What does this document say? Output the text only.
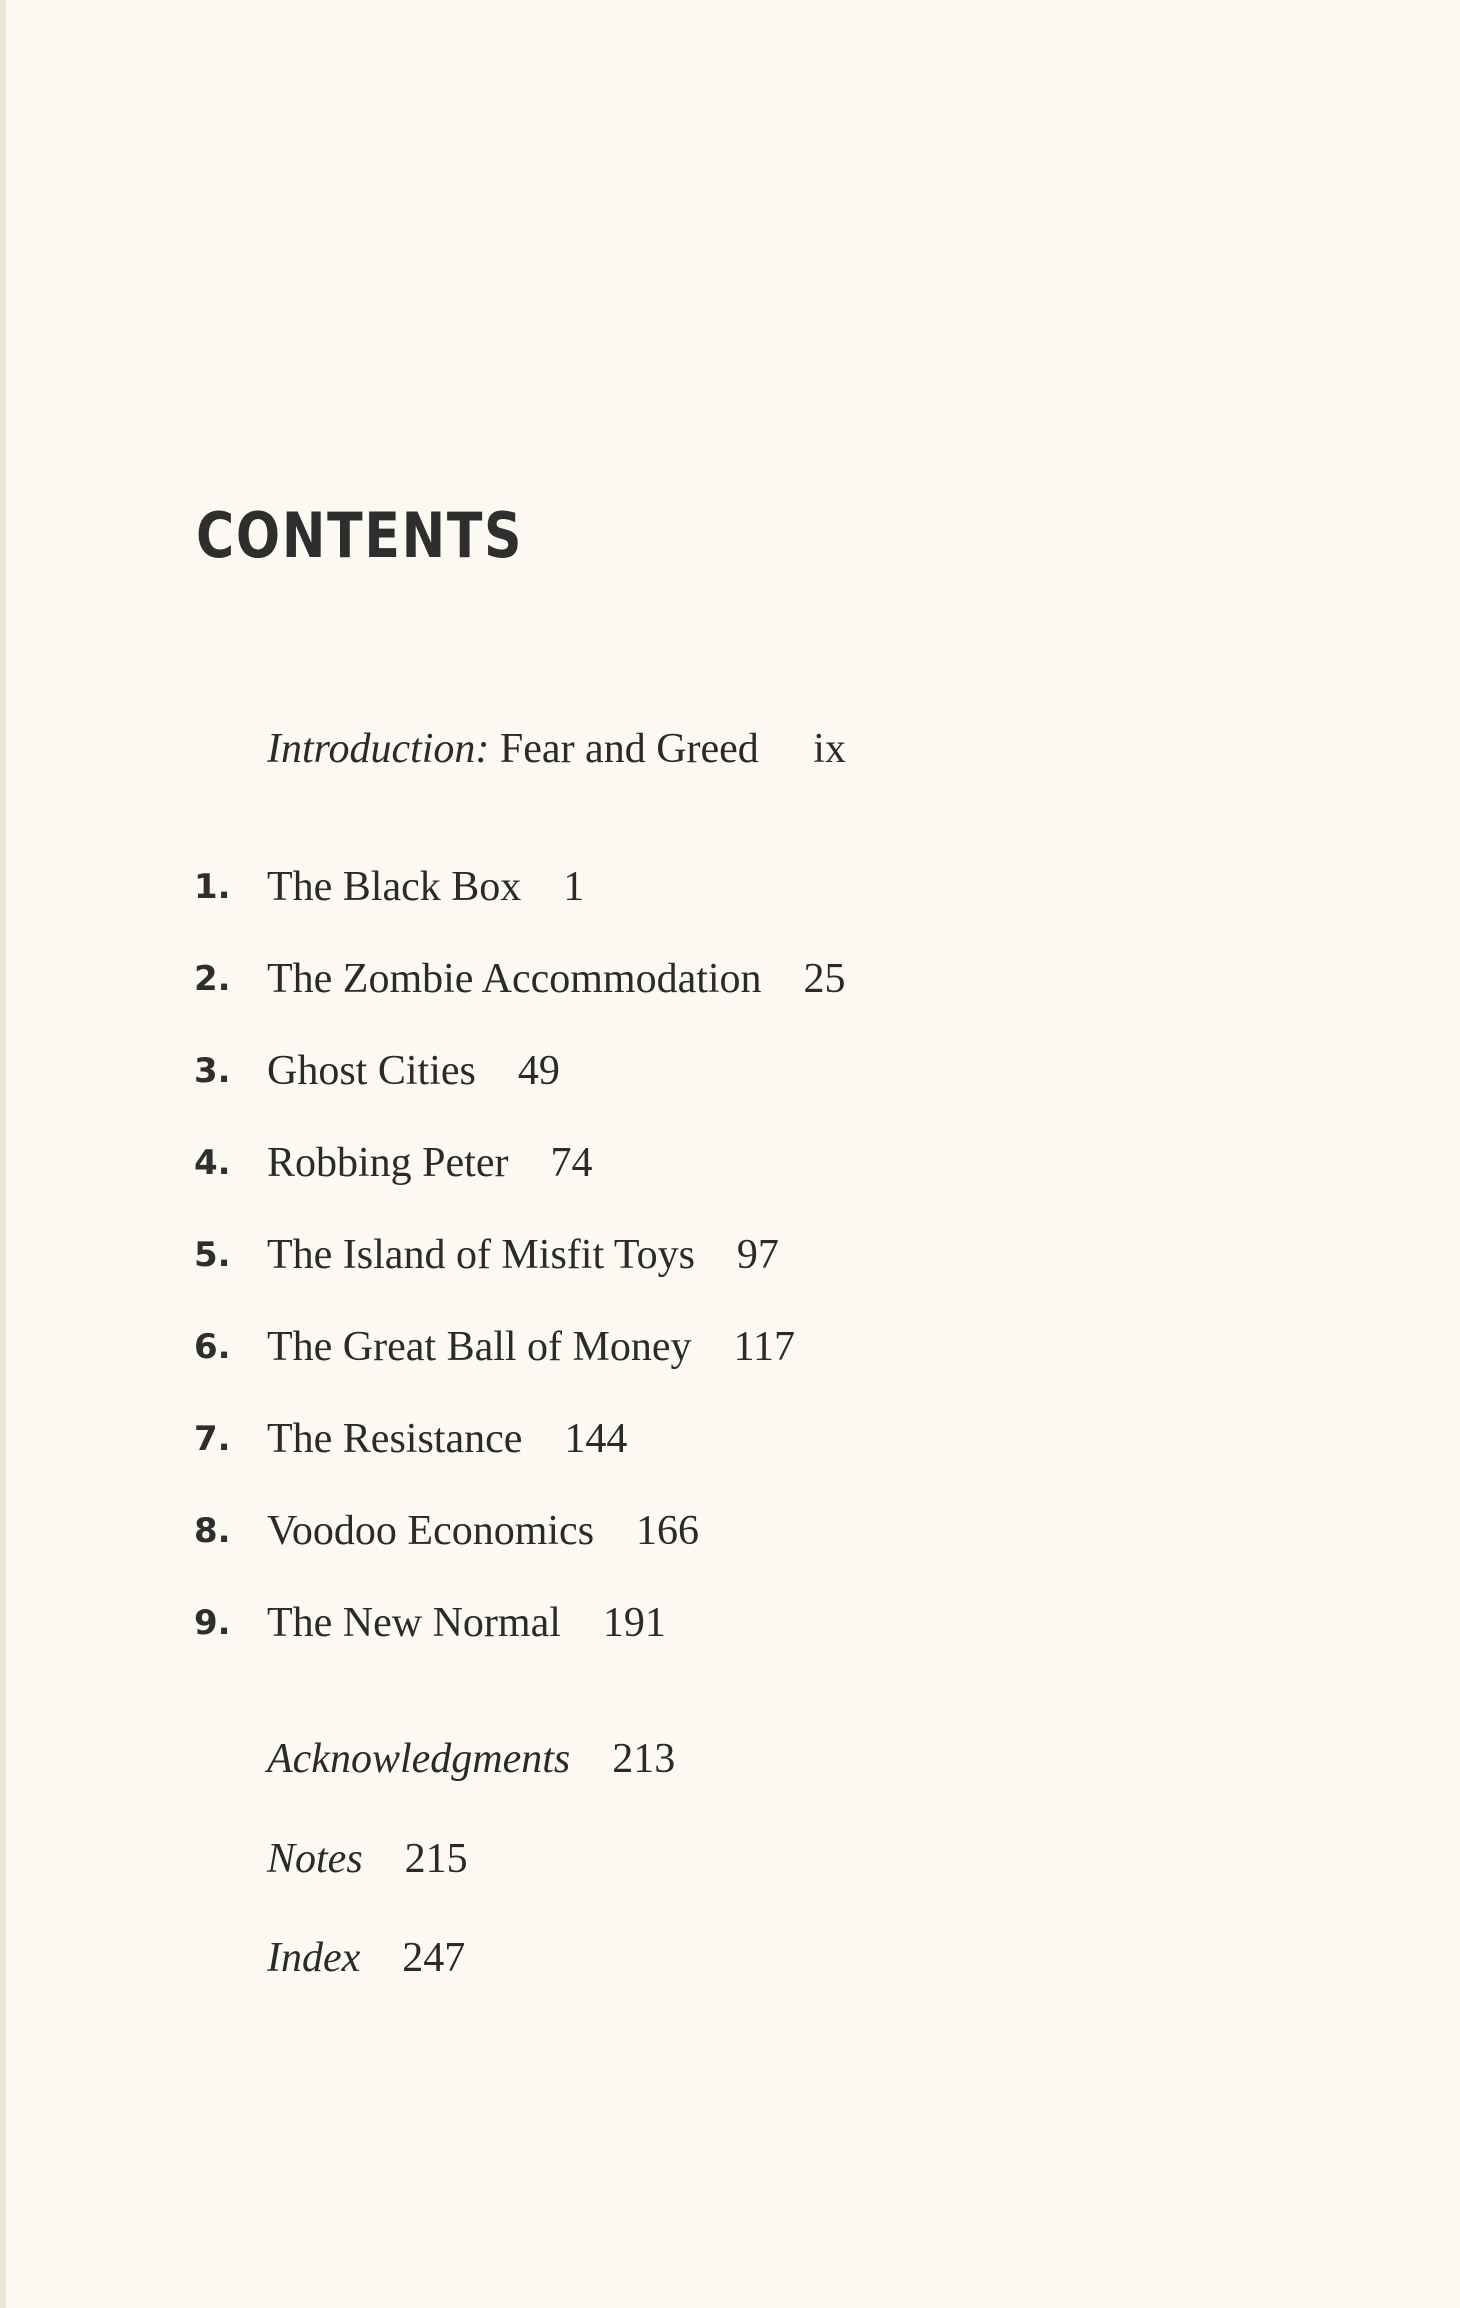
CONTENTS
Introduction: Fear and Greed ix
1. The Black Box 1
2. The Zombie Accommodation 25
3. Ghost Cities 49
4. Robbing Peter 74
5. The Island of Misfit Toys 97
6. The Great Ball of Money 117
7. The Resistance 144
8. Voodoo Economics 166
9. The New Normal 191
Acknowledgments 213
Notes 215
Index 247
